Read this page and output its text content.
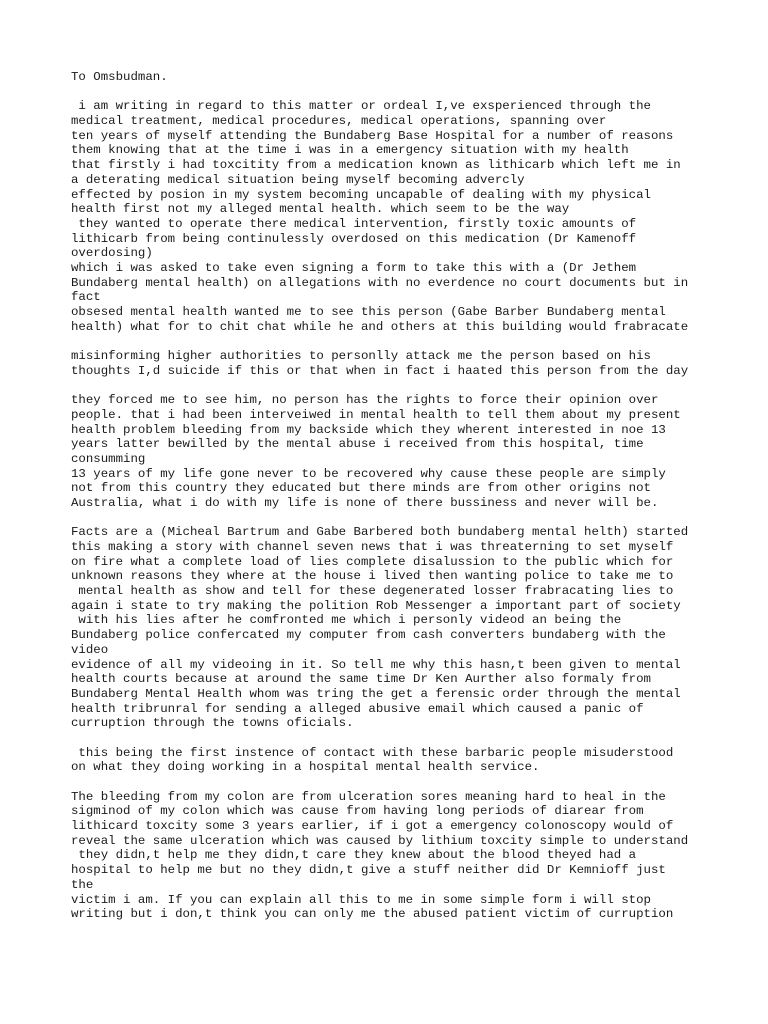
To Omsbudman.
i am writing in regard to this matter or ordeal I,ve exsperienced through the
medical treatment, medical procedures, medical operations, spanning over
ten years of myself attending the Bundaberg Base Hospital for a number of reasons
them knowing that at the time i was in a emergency situation with my health
that firstly i had toxcitity from a medication known as lithicarb which left me in
a deterating medical situation being myself becoming advercly
effected by posion in my system becoming uncapable of dealing with my physical
health first not my alleged mental health. which seem to be the way
they wanted to operate there medical intervention, firstly toxic amounts of
lithicarb from being continulessly overdosed on this medication (Dr Kamenoff
overdosing)
which i was asked to take even signing a form to take this with a (Dr Jethem
Bundaberg mental health) on allegations with no everdence no court documents but in
fact
obsesed mental health wanted me to see this person (Gabe Barber Bundaberg mental
health) what for to chit chat while he and others at this building would frabracate
misinforming higher authorities to personlly attack me the person based on his
thoughts I,d suicide if this or that when in fact i haated this person from the day
they forced me to see him, no person has the rights to force their opinion over
people. that i had been interveiwed in mental health to tell them about my present
health problem bleeding from my backside which they wherent interested in noe 13
years latter bewilled by the mental abuse i received from this hospital, time
consumming
13 years of my life gone never to be recovered why cause these people are simply
not from this country they educated but there minds are from other origins not
Australia, what i do with my life is none of there bussiness and never will be.
Facts are a (Micheal Bartrum and Gabe Barbered both bundaberg mental helth) started
this making a story with channel seven news that i was threaterning to set myself
on fire what a complete load of lies complete disalussion to the public which for
unknown reasons they where at the house i lived then wanting police to take me to
mental health as show and tell for these degenerated losser frabracating lies to
again i state to try making the polition Rob Messenger a important part of society
with his lies after he comfronted me which i personly videod an being the
Bundaberg police confercated my computer from cash converters bundaberg with the
video
evidence of all my videoing in it. So tell me why this hasn,t been given to mental
health courts because at around the same time Dr Ken Aurther also formaly from
Bundaberg Mental Health whom was tring the get a ferensic order through the mental
health tribrunral for sending a alleged abusive email which caused a panic of
curruption through the towns oficials.
this being the first instence of contact with these barbaric people misuderstood
on what they doing working in a hospital mental health service.
The bleeding from my colon are from ulceration sores meaning hard to heal in the
sigminod of my colon which was cause from having long periods of diarear from
lithicard toxcity some 3 years earlier, if i got a emergency colonoscopy would of
reveal the same ulceration which was caused by lithium toxcity simple to understand
they didn,t help me they didn,t care they knew about the blood theyed had a
hospital to help me but no they didn,t give a stuff neither did Dr Kemnioff just
the
victim i am. If you can explain all this to me in some simple form i will stop
writing but i don,t think you can only me the abused patient victim of curruption
